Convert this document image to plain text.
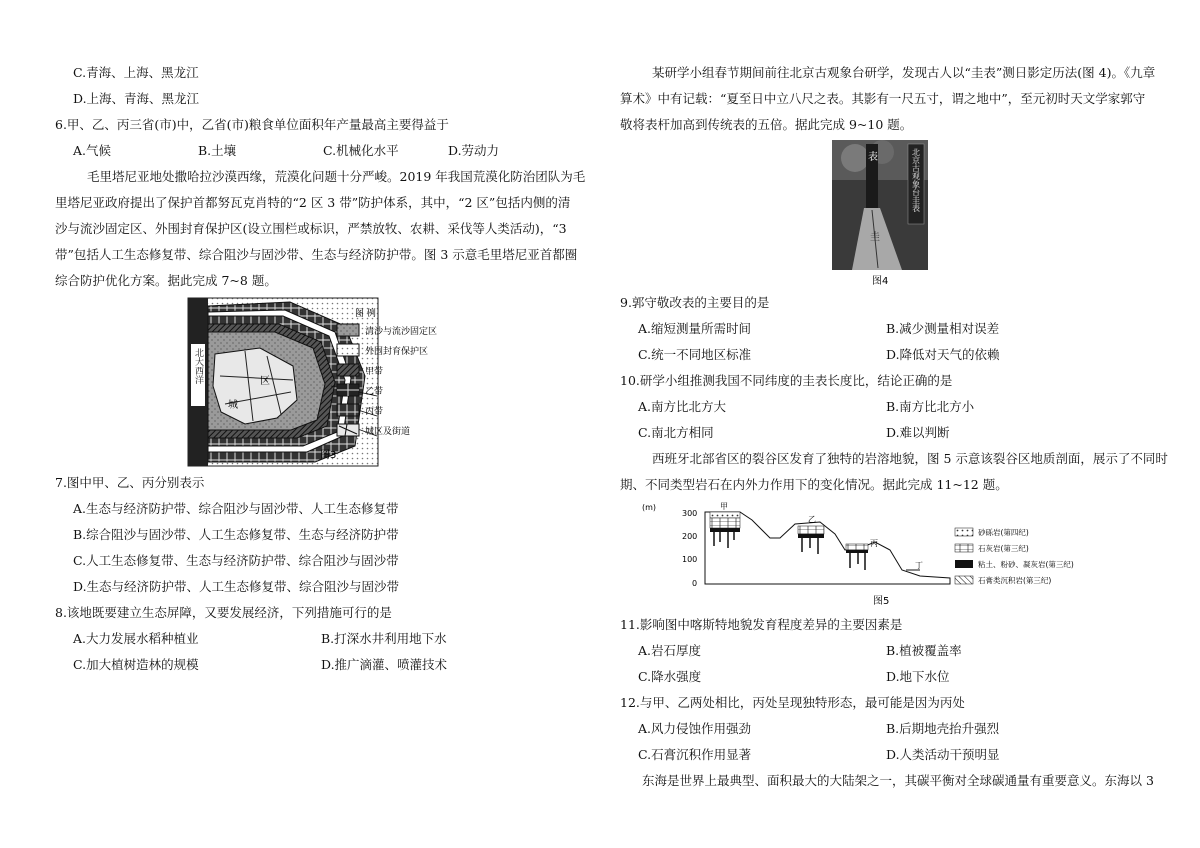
C.青海、上海、黑龙江
D.上海、青海、黑龙江
6.甲、乙、丙三省(市)中，乙省(市)粮食单位面积年产量最高主要得益于
A.气候	B.土壤	C.机械化水平	D.劳动力
毛里塔尼亚地处撒哈拉沙漠西缘，荒漠化问题十分严峻。2019 年我国荒漠化防治团队为毛
里塔尼亚政府提出了保护首都努瓦克肖特的“2 区 3 带”防护体系，其中，“2 区”包括内侧的清
沙与流沙固定区、外围封育保护区(设立围栏或标识，严禁放牧、农耕、采伐等人类活动)，“3
带”包括人工生态修复带、综合阻沙与固沙带、生态与经济防护带。图 3 示意毛里塔尼亚首都圈
综合防护优化方案。据此完成 7~8 题。
北大西洋	区
城
图 例
清沙与流沙固定区
外围封育保护区
甲带
乙带
丙带
城区及街道
图3
7.图中甲、乙、丙分别表示
A.生态与经济防护带、综合阻沙与固沙带、人工生态修复带
B.综合阻沙与固沙带、人工生态修复带、生态与经济防护带
C.人工生态修复带、生态与经济防护带、综合阻沙与固沙带
D.生态与经济防护带、人工生态修复带、综合阻沙与固沙带
8.该地既要建立生态屏障，又要发展经济，下列措施可行的是
A.大力发展水稻种植业	B.打深水井利用地下水
C.加大植树造林的规模	D.推广滴灌、喷灌技术
某研学小组春节期间前往北京古观象台研学，发现古人以“圭表”测日影定历法(图 4)。《九章
算术》中有记载：“夏至日中立八尺之表。其影有一尺五寸，谓之地中”，至元初时天文学家郭守
敬将表杆加高到传统表的五倍。据此完成 9~10 题。
北京古观象台圭表
表
圭
图4
9.郭守敬改表的主要目的是
A.缩短测量所需时间	B.减少测量相对误差
C.统一不同地区标准	D.降低对天气的依赖
10.研学小组推测我国不同纬度的圭表长度比，结论正确的是
A.南方比北方大	B.南方比北方小
C.南北方相同	D.难以判断
西班牙北部省区的裂谷区发育了独特的岩溶地貌，图 5 示意该裂谷区地质剖面，展示了不同时
期、不同类型岩石在内外力作用下的变化情况。据此完成 11~12 题。
(m)
300
200
100
0
甲
乙
丙
丁
砂砾岩(第四纪)
石灰岩(第三纪)
粘土、粉砂、凝灰岩(第三纪)
石膏类沉积岩(第三纪)
图5
11.影响图中喀斯特地貌发育程度差异的主要因素是
A.岩石厚度	B.植被覆盖率
C.降水强度	D.地下水位
12.与甲、乙两处相比，丙处呈现独特形态，最可能是因为丙处
A.风力侵蚀作用强劲	B.后期地壳抬升强烈
C.石膏沉积作用显著	D.人类活动干预明显
东海是世界上最典型、面积最大的大陆架之一，其碳平衡对全球碳通量有重要意义。东海以 3
